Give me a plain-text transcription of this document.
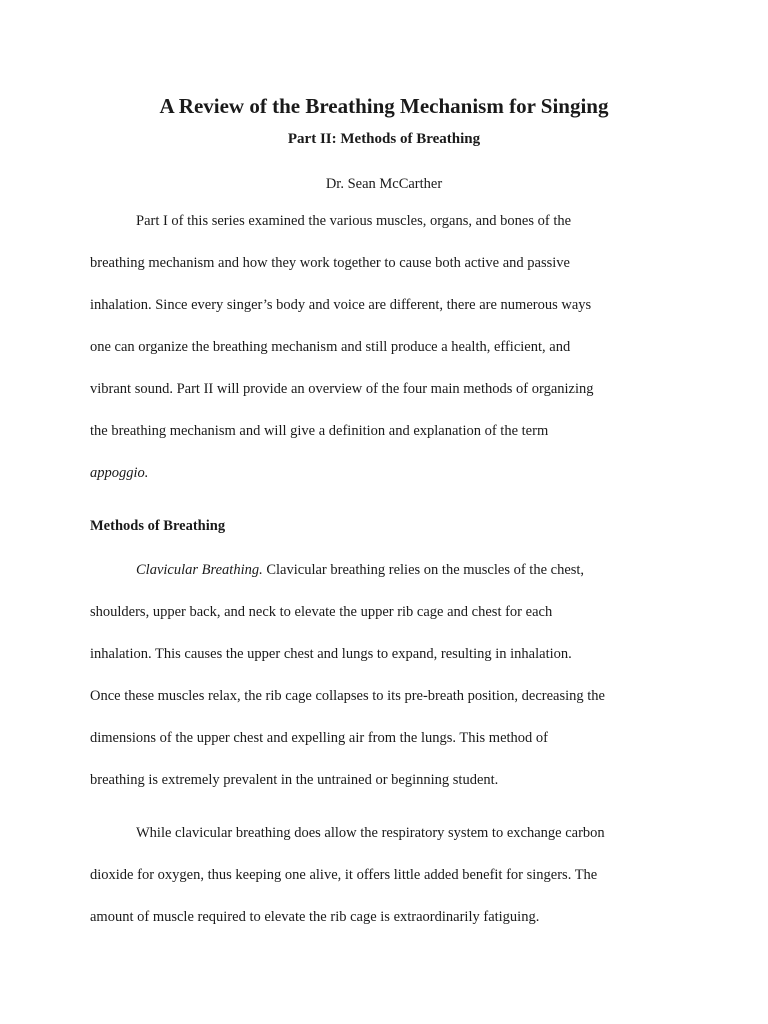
A Review of the Breathing Mechanism for Singing
Part II: Methods of Breathing

Dr. Sean McCarther

Part I of this series examined the various muscles, organs, and bones of the
breathing mechanism and how they work together to cause both active and passive
inhalation. Since every singer’s body and voice are different, there are numerous ways
one can organize the breathing mechanism and still produce a health, efficient, and
vibrant sound. Part II will provide an overview of the four main methods of organizing
the breathing mechanism and will give a definition and explanation of the term
appoggio.
Methods of Breathing
Clavicular Breathing. Clavicular breathing relies on the muscles of the chest,
shoulders, upper back, and neck to elevate the upper rib cage and chest for each
inhalation. This causes the upper chest and lungs to expand, resulting in inhalation.
Once these muscles relax, the rib cage collapses to its pre-breath position, decreasing the
dimensions of the upper chest and expelling air from the lungs. This method of
breathing is extremely prevalent in the untrained or beginning student.
While clavicular breathing does allow the respiratory system to exchange carbon
dioxide for oxygen, thus keeping one alive, it offers little added benefit for singers. The
amount of muscle required to elevate the rib cage is extraordinarily fatiguing.
